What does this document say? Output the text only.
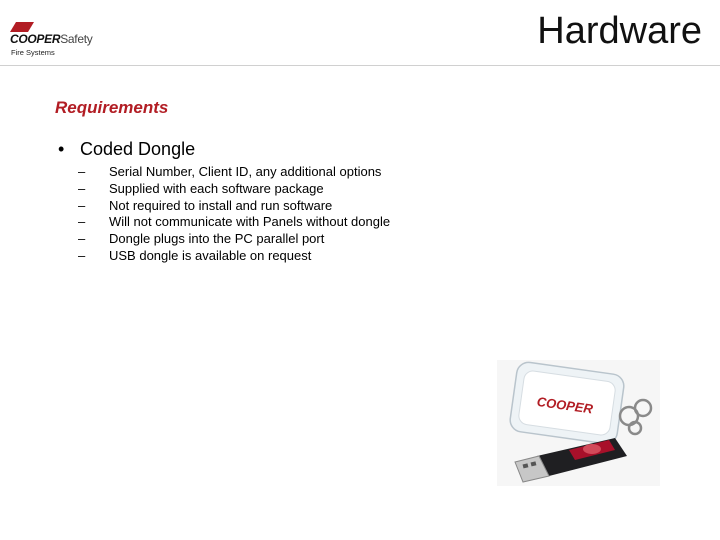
COOPERSafety
Fire Systems
Hardware
Requirements
• Coded Dongle
– Serial Number, Client ID, any additional options
– Supplied with each software package
– Not required to install and run software
– Will not communicate with Panels without dongle
– Dongle plugs into the PC parallel port
– USB dongle is available on request
COOPER
